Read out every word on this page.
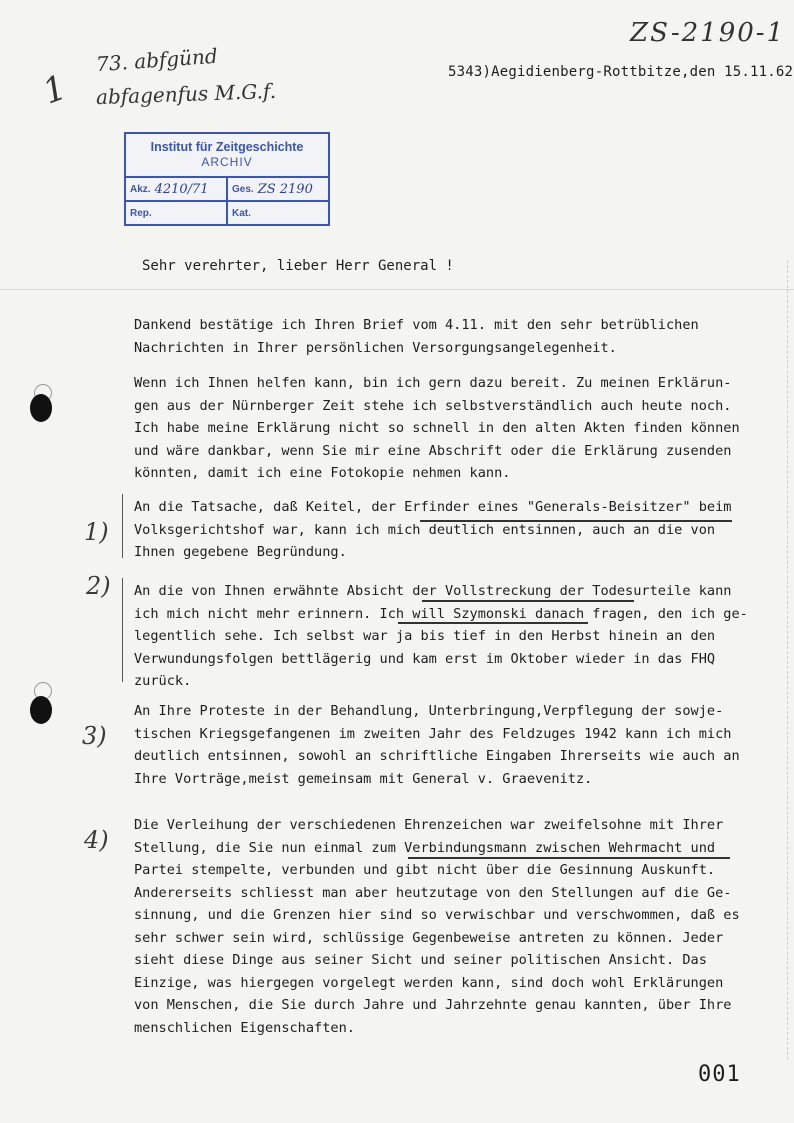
ZS-2190-1
1
73. abfgünd
abfagenfus M.G.f.
5343)Aegidienberg-Rottbitze,den 15.11.62
Institut für Zeitgeschichte
ARCHIV
Akz. 4210/71 Ges. ZS 2190
Rep.	Kat.
Sehr verehrter, lieber Herr General !
Dankend bestätige ich Ihren Brief vom 4.11. mit den sehr betrüblichen
Nachrichten in Ihrer persönlichen Versorgungsangelegenheit.
Wenn ich Ihnen helfen kann, bin ich gern dazu bereit. Zu meinen Erklärun-
gen aus der Nürnberger Zeit stehe ich selbstverständlich auch heute noch.
Ich habe meine Erklärung nicht so schnell in den alten Akten finden können
und wäre dankbar, wenn Sie mir eine Abschrift oder die Erklärung zusenden
könnten, damit ich eine Fotokopie nehmen kann.
An die Tatsache, daß Keitel, der Erfinder eines "Generals-Beisitzer" beim
Volksgerichtshof war, kann ich mich deutlich entsinnen, auch an die von
Ihnen gegebene Begründung.
An die von Ihnen erwähnte Absicht der Vollstreckung der Todesurteile kann
ich mich nicht mehr erinnern. Ich will Szymonski danach fragen, den ich ge-
legentlich sehe. Ich selbst war ja bis tief in den Herbst hinein an den
Verwundungsfolgen bettlägerig und kam erst im Oktober wieder in das FHQ
zurück.
An Ihre Proteste in der Behandlung, Unterbringung,Verpflegung der sowje-
tischen Kriegsgefangenen im zweiten Jahr des Feldzuges 1942 kann ich mich
deutlich entsinnen, sowohl an schriftliche Eingaben Ihrerseits wie auch an
Ihre Vorträge,meist gemeinsam mit General v. Graevenitz.
Die Verleihung der verschiedenen Ehrenzeichen war zweifelsohne mit Ihrer
Stellung, die Sie nun einmal zum Verbindungsmann zwischen Wehrmacht und
Partei stempelte, verbunden und gibt nicht über die Gesinnung Auskunft.
Andererseits schliesst man aber heutzutage von den Stellungen auf die Ge-
sinnung, und die Grenzen hier sind so verwischbar und verschwommen, daß es
sehr schwer sein wird, schlüssige Gegenbeweise antreten zu können. Jeder
sieht diese Dinge aus seiner Sicht und seiner politischen Ansicht. Das
Einzige, was hiergegen vorgelegt werden kann, sind doch wohl Erklärungen
von Menschen, die Sie durch Jahre und Jahrzehnte genau kannten, über Ihre
menschlichen Eigenschaften.
1)
2)
3)
4)
001
